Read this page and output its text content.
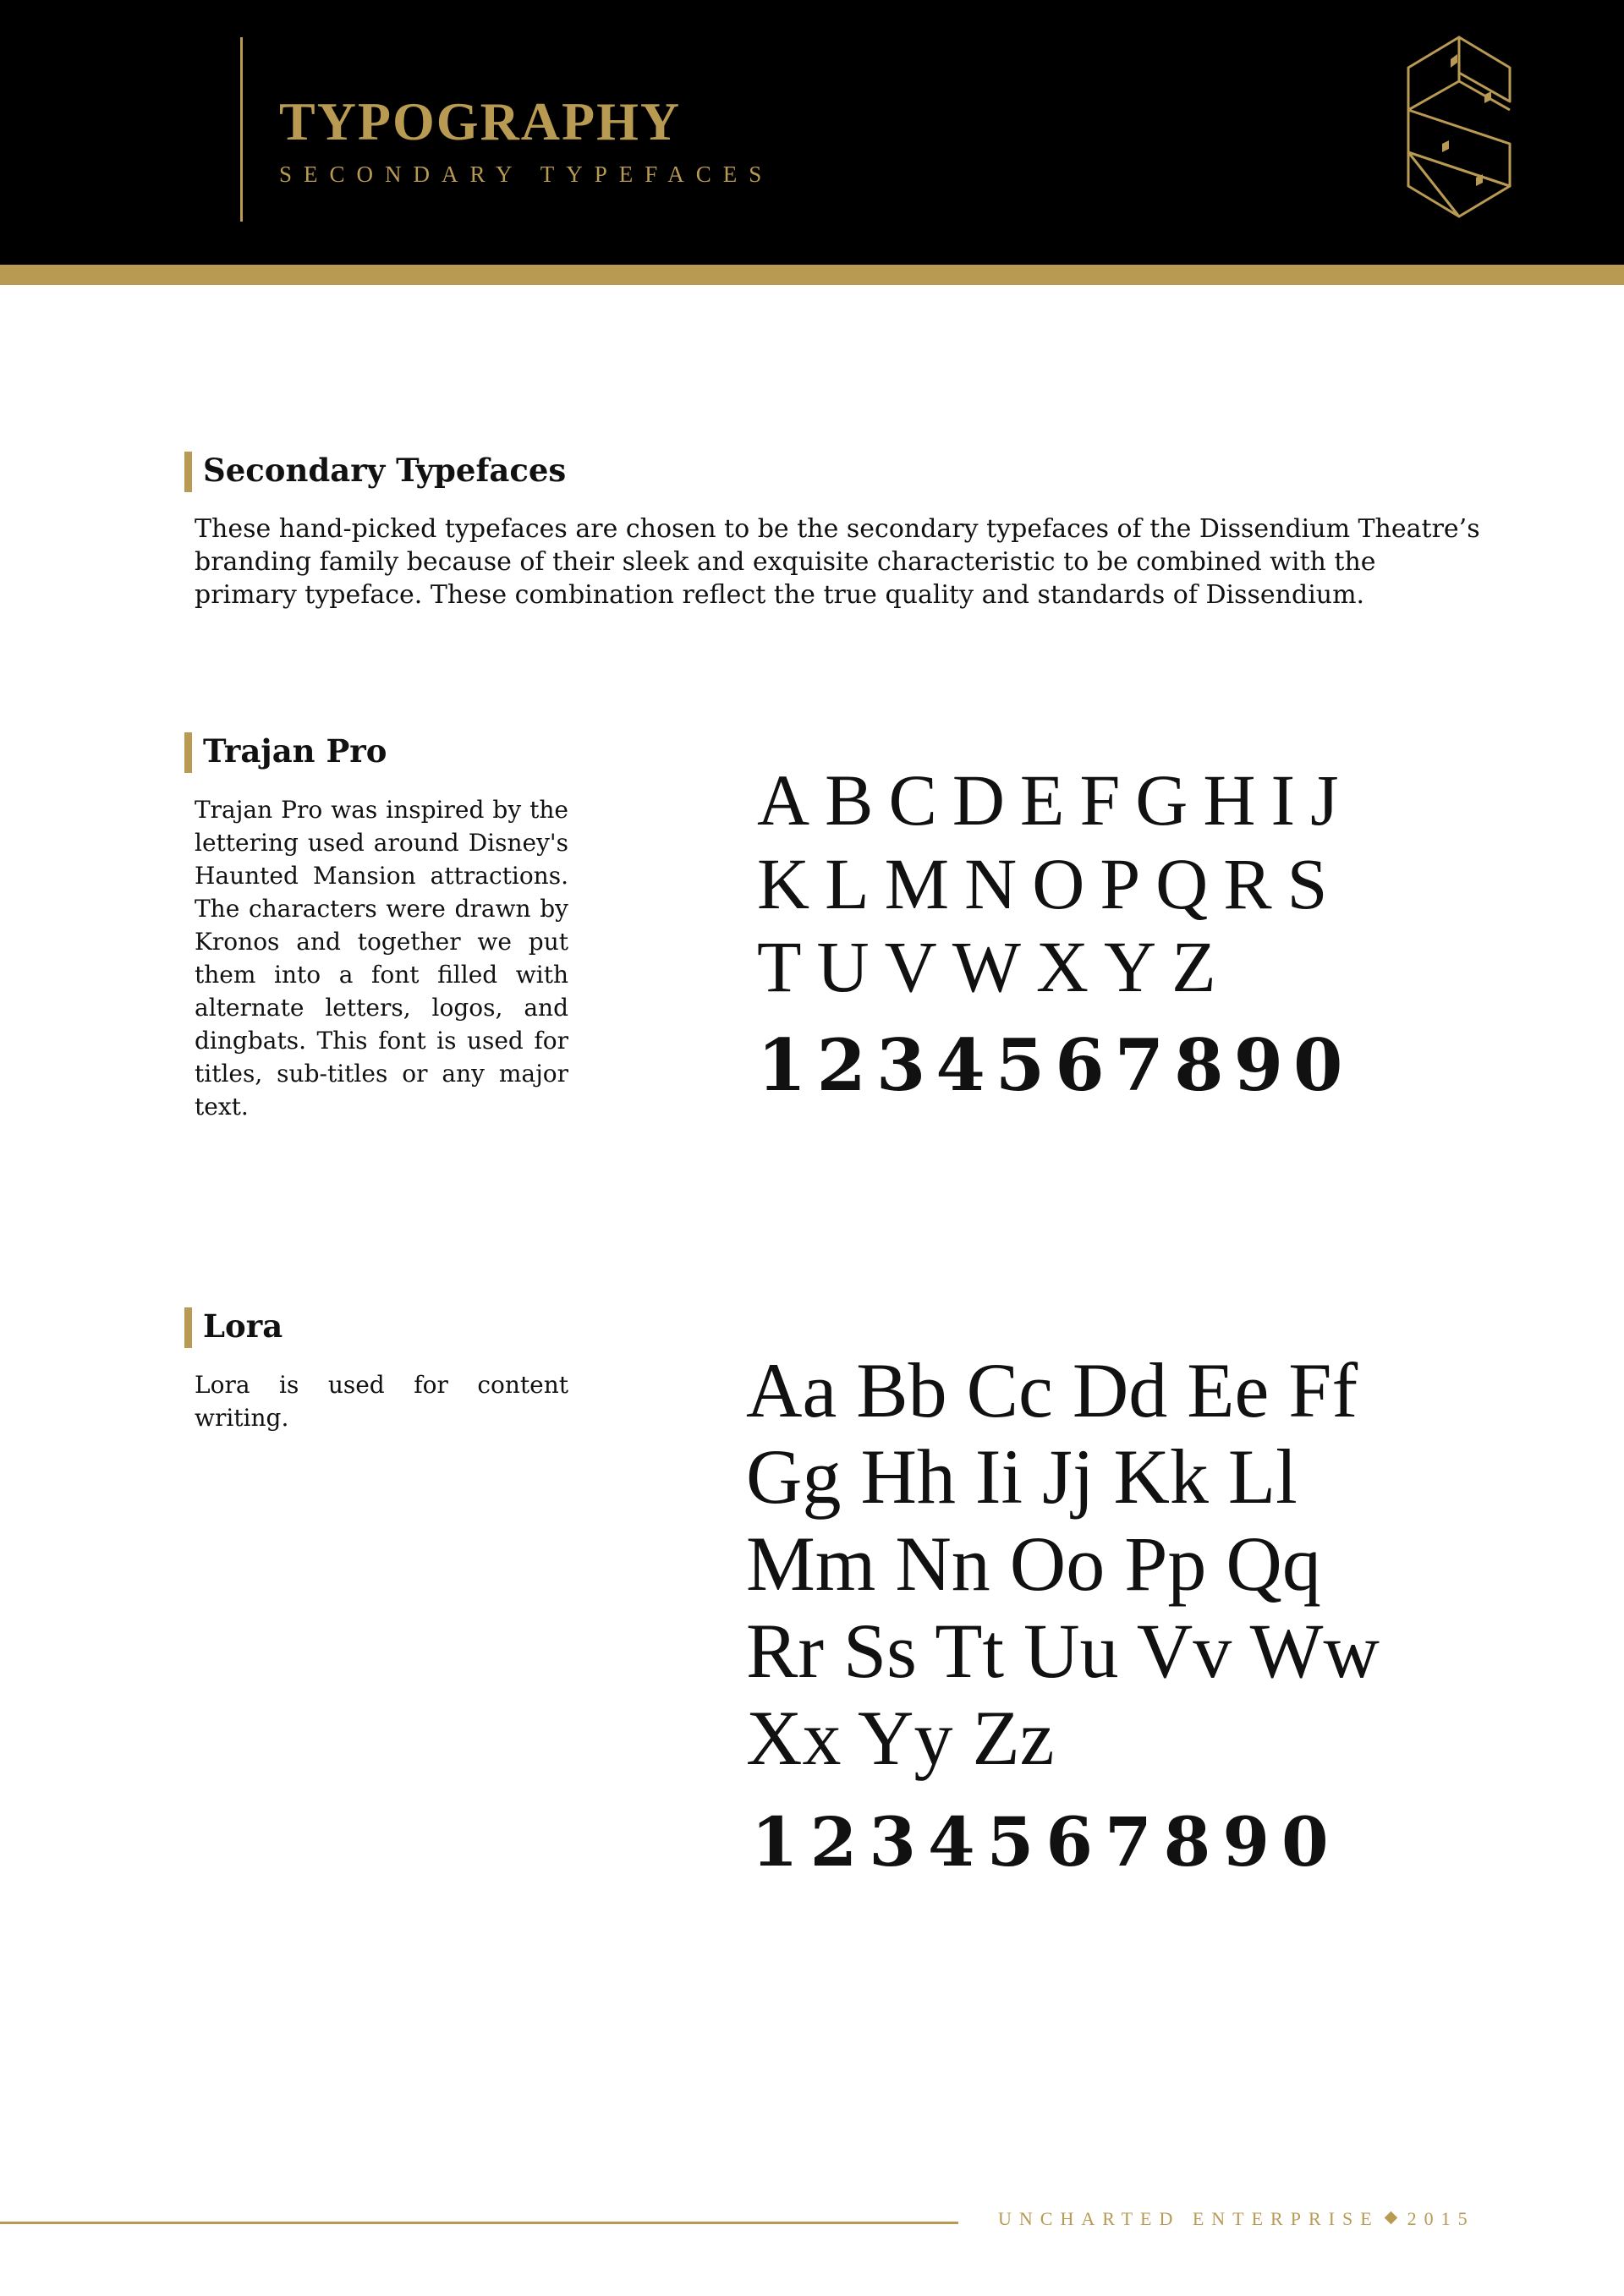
TYPOGRAPHY
SECONDARY TYPEFACES
Secondary Typefaces
These hand-picked typefaces are chosen to be the secondary typefaces of the Dissendium Theatre’s branding family because of their sleek and exquisite characteristic to be combined with the primary typeface. These combination reflect the true quality and standards of Dissendium.
Trajan Pro
Trajan Pro was inspired by the lettering used around Disney's Haunted Mansion attractions. The characters were drawn by Kronos and together we put them into a font filled with alternate letters, logos, and dingbats. This font is used for titles, sub-titles or any major text.
ABCDEFGHIJ
KLMNOPQRS
TUVWXYZ
1234567890
Lora
Lora is used for content writing.	Aa Bb Cc Dd Ee Ff
Gg Hh Ii Jj Kk Ll
Mm Nn Oo Pp Qq
Rr Ss Tt Uu Vv Ww
Xx Yy Zz
1234567890
UNCHARTED ENTERPRISE 2015
